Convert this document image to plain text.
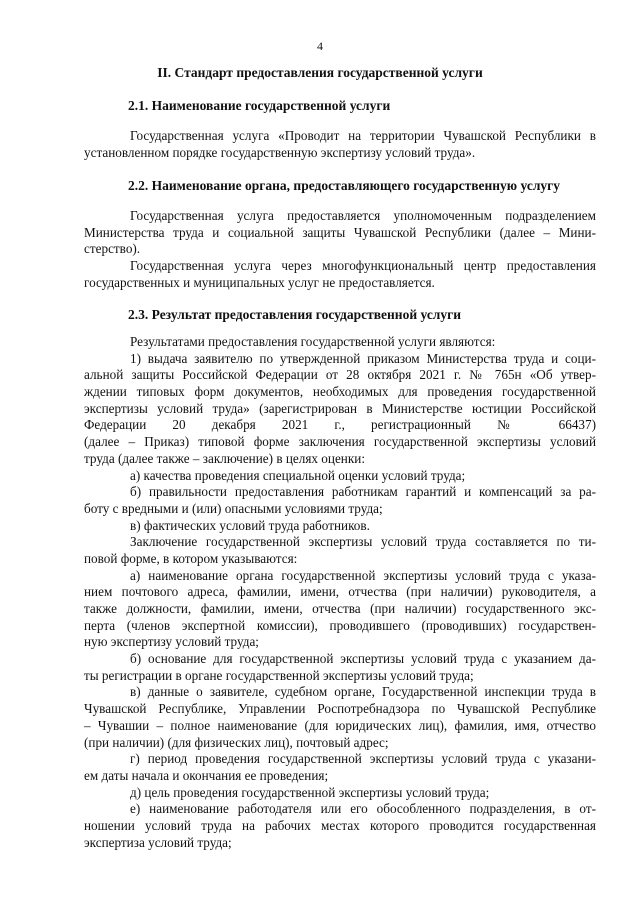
4
II. Стандарт предоставления государственной услуги
2.1. Наименование государственной услуги
Государственная услуга «Проводит на территории Чувашской Республики в
установленном порядке государственную экспертизу условий труда».
2.2. Наименование органа, предоставляющего государственную услугу
Государственная услуга предоставляется уполномоченным подразделением
Министерства труда и социальной защиты Чувашской Республики (далее – Мини-
стерство).
Государственная услуга через многофункциональный центр предоставления
государственных и муниципальных услуг не предоставляется.
2.3. Результат предоставления государственной услуги
Результатами предоставления государственной услуги являются:
1) выдача заявителю по утвержденной приказом Министерства труда и соци-
альной защиты Российской Федерации от 28 октября 2021 г. № 765н «Об утвер-
ждении типовых форм документов, необходимых для проведения государственной
экспертизы условий труда» (зарегистрирован в Министерстве юстиции Российской
Федерации 20 декабря 2021 г., регистрационный № 66437)
(далее – Приказ) типовой форме заключения государственной экспертизы условий
труда (далее также – заключение) в целях оценки:
а) качества проведения специальной оценки условий труда;
б) правильности предоставления работникам гарантий и компенсаций за ра-
боту с вредными и (или) опасными условиями труда;
в) фактических условий труда работников.
Заключение государственной экспертизы условий труда составляется по ти-
повой форме, в котором указываются:
а) наименование органа государственной экспертизы условий труда с указа-
нием почтового адреса, фамилии, имени, отчества (при наличии) руководителя, а
также должности, фамилии, имени, отчества (при наличии) государственного экс-
перта (членов экспертной комиссии), проводившего (проводивших) государствен-
ную экспертизу условий труда;
б) основание для государственной экспертизы условий труда с указанием да-
ты регистрации в органе государственной экспертизы условий труда;
в) данные о заявителе, судебном органе, Государственной инспекции труда в
Чувашской Республике, Управлении Роспотребнадзора по Чувашской Республике
– Чувашии – полное наименование (для юридических лиц), фамилия, имя, отчество
(при наличии) (для физических лиц), почтовый адрес;
г) период проведения государственной экспертизы условий труда с указани-
ем даты начала и окончания ее проведения;
д) цель проведения государственной экспертизы условий труда;
е) наименование работодателя или его обособленного подразделения, в от-
ношении условий труда на рабочих местах которого проводится государственная
экспертиза условий труда;
